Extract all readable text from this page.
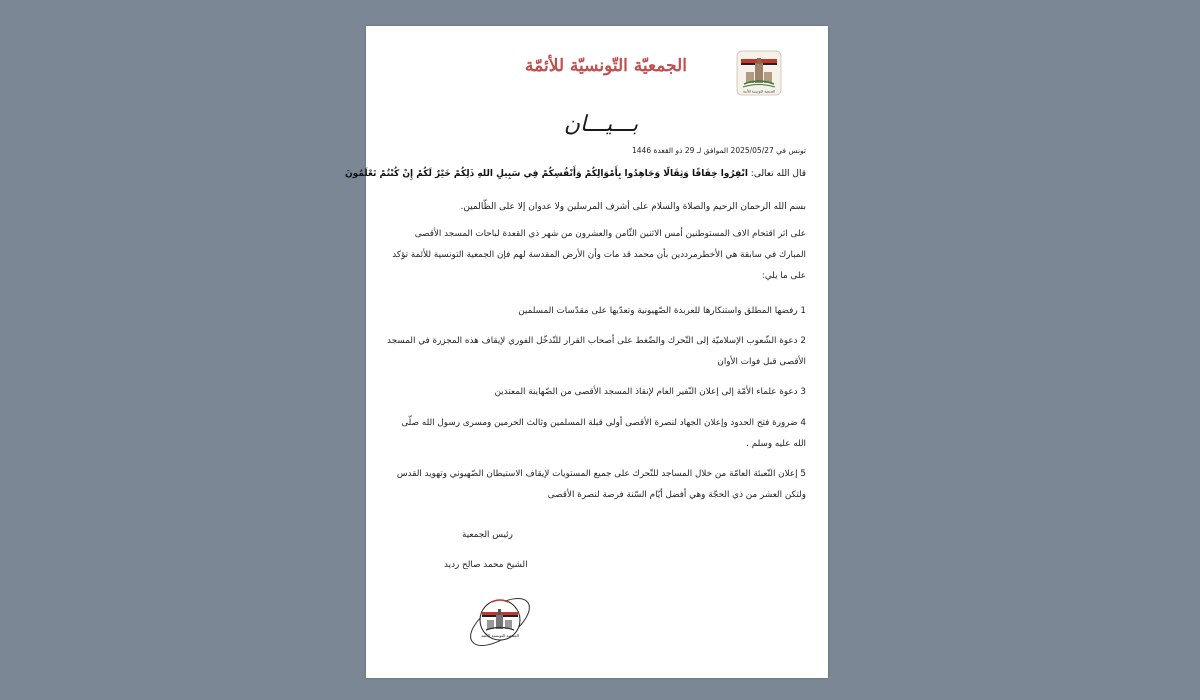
الجمعية التونسية للأئمة
الجمعيّة التّونسيّة للأئمّة
بـــيـــان
تونس في 2025/05/27 الموافق لـ 29 ذو القعدة 1446
قال الله تعالى: انْفِرُوا خِفَافًا وَثِقَالًا وَجَاهِدُوا بِأَمْوَالِكُمْ وَأَنْفُسِكُمْ فِي سَبِيلِ اللهِ ذَلِكُمْ خَيْرٌ لَكُمْ إِنْ كُنْتُمْ تَعْلَمُونَ
بسم الله الرحمان الرحيم والصلاة والسلام على أشرف المرسلين ولا عدوان إلا على الظّالمين.
على اثر اقتحام الاف المستوطنين أمس الاثنين الثّامن والعشرون من شهر ذي القعدة لباحات المسجد الأقصى المبارك في سابقة هي الأخطرمرددين بأن محمد قد مات وأن الأرض المقدسة لهم فإن الجمعية التونسية للأئمة تؤكد على ما يلي:
1 رفضها المطلق واستنكارها للعربدة الصّهيونية وتعدّيها على مقدّسات المسلمين
2 دعوة الشّعوب الإسلاميّة إلى التّحرك والضّغط على أصحاب القرار للتّدخّل الفوري لإيقاف هذه المجزرة في المسجد الأقصى قبل فوات الأوان
3 دعوة علماء الأمّة إلى إعلان النّفير العام لإنقاذ المسجد الأقصى من الصّهاينة المعتدين
4 ضرورة فتح الحدود وإعلان الجهاد لنصرة الأقصى أولى قبلة المسلمين وثالث الحرمين ومسرى رسول الله صلّى الله عليه وسلم .
5 إعلان التّعبئة العامّة من خلال المساجد للتّحرك على جميع المستويات لإيقاف الاستيطان الصّهيوني وتهويد القدس ولتكن العشر من ذي الحجّة وهي أفضل أيّام السّنة فرصة لنصرة الأقصى
رئيس الجمعية
الشيخ محمد صالح رديد
الجمعية التونسية للأئمة
